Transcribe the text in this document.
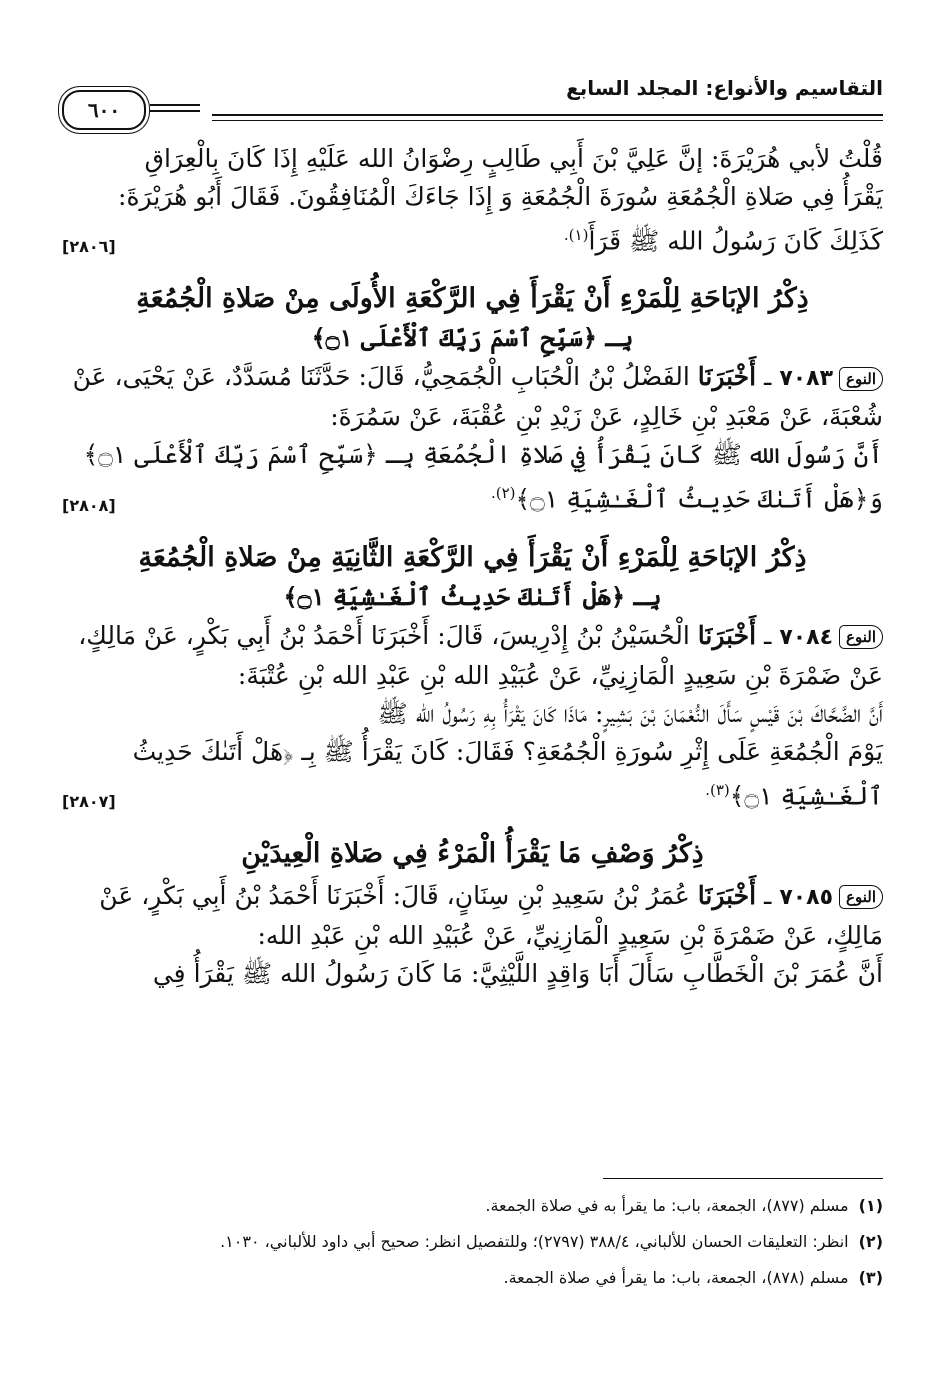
التقاسيم والأنواع: المجلد السابع
٦٠٠

قُلْتُ لأبي هُرَيْرَةَ: إنَّ عَلِيَّ بْنَ أَبِي طَالِبٍ رِضْوَانُ الله عَلَيْهِ إِذَا كَانَ بِالْعِرَاقِ

يَقْرَأُ فِي صَلاةِ الْجُمُعَةِ سُورَةَ الْجُمُعَةِ وَ إِذَا جَاءَكَ الْمُنَافِقُونَ. فَقَالَ أَبُو هُرَيْرَةَ:

كَذَلِكَ كَانَ رَسُولُ الله ﷺ قَرَأَ$^{(١).}$

[٢٨٠٦]
ذِكْرُ الإبَاحَةِ لِلْمَرْءِ أَنْ يَقْرَأَ فِي الرَّكْعَةِ الأُولَى مِنْ صَلاةِ الْجُمُعَةِ
بِـ ﴿سَبِّحِ ٱسْمَ رَبِّكَ ٱلْأَعْلَى ۝١﴾

النوع٧٠٨٣ ـ أَخْبَرَنَا الفَضْلُ بْنُ الْحُبَابِ الْجُمَحِيُّ، قَالَ: حَدَّثَنَا مُسَدَّدٌ، عَنْ يَحْيَى، عَنْ

شُعْبَةَ، عَنْ مَعْبَدِ بْنِ خَالِدٍ، عَنْ زَيْدِ بْنِ عُقْبَةَ، عَنْ سَمُرَةَ:

أَنَّ رَسُولَ الله ﷺ كَانَ يَقْرَأُ فِي صَلاةِ الْجُمُعَةِ بِـ ﴿سَبِّحِ ٱسْمَ رَبِّكَ ٱلْأَعْلَى ۝١﴾

وَ﴿هَلْ أَتَىٰكَ حَدِيثُ ٱلْغَـٰشِيَةِ ۝١﴾$^{(٢).}$

[٢٨٠٨]
ذِكْرُ الإبَاحَةِ لِلْمَرْءِ أَنْ يَقْرَأَ فِي الرَّكْعَةِ الثَّانِيَةِ مِنْ صَلاةِ الْجُمُعَةِ
بِـ ﴿هَلْ أَتَىٰكَ حَدِيثُ ٱلْغَـٰشِيَةِ ۝١﴾

النوع٧٠٨٤ ـ أَخْبَرَنَا الْحُسَيْنُ بْنُ إِدْرِيسَ، قَالَ: أَخْبَرَنَا أَحْمَدُ بْنُ أَبِي بَكْرٍ، عَنْ مَالِكٍ،

عَنْ ضَمْرَةَ بْنِ سَعِيدٍ الْمَازِنِيِّ، عَنْ عُبَيْدِ الله بْنِ عَبْدِ الله بْنِ عُتْبَةَ:

أَنَّ الضَّحَّاكَ بْنَ قَيْسٍ سَأَلَ النُّعْمَانَ بْنَ بَشِيرٍ: مَاذَا كَانَ يَقْرَأُ بِهِ رَسُولُ الله ﷺ

يَوْمَ الْجُمُعَةِ عَلَى إِثْرِ سُورَةِ الْجُمُعَةِ؟ فَقَالَ: كَانَ يَقْرَأُ ﷺ بِـ ﴿هَلْ أَتَىٰكَ حَدِيثُ

ٱلْغَـٰشِيَةِ ۝١﴾$^{(٣).}$

[٢٨٠٧]
ذِكْرُ وَصْفِ مَا يَقْرَأُ الْمَرْءُ فِي صَلاةِ الْعِيدَيْنِ

النوع٧٠٨٥ ـ أَخْبَرَنَا عُمَرُ بْنُ سَعِيدِ بْنِ سِنَانٍ، قَالَ: أَخْبَرَنَا أَحْمَدُ بْنُ أَبِي بَكْرٍ، عَنْ

مَالِكٍ، عَنْ ضَمْرَةَ بْنِ سَعِيدٍ الْمَازِنِيِّ، عَنْ عُبَيْدِ الله بْنِ عَبْدِ الله:

أَنَّ عُمَرَ بْنَ الْخَطَّابِ سَأَلَ أَبَا وَاقِدٍ اللَّيْثِيَّ: مَا كَانَ رَسُولُ الله ﷺ يَقْرَأُ فِي

(١)مسلم (٨٧٧)، الجمعة، باب: ما يقرأ به في صلاة الجمعة.

(٢)انظر: التعليقات الحسان للألباني، ٣٨٨/٤ (٢٧٩٧)؛ وللتفصيل انظر: صحيح أبي داود للألباني، ١٠٣٠.

(٣)مسلم (٨٧٨)، الجمعة، باب: ما يقرأ في صلاة الجمعة.
